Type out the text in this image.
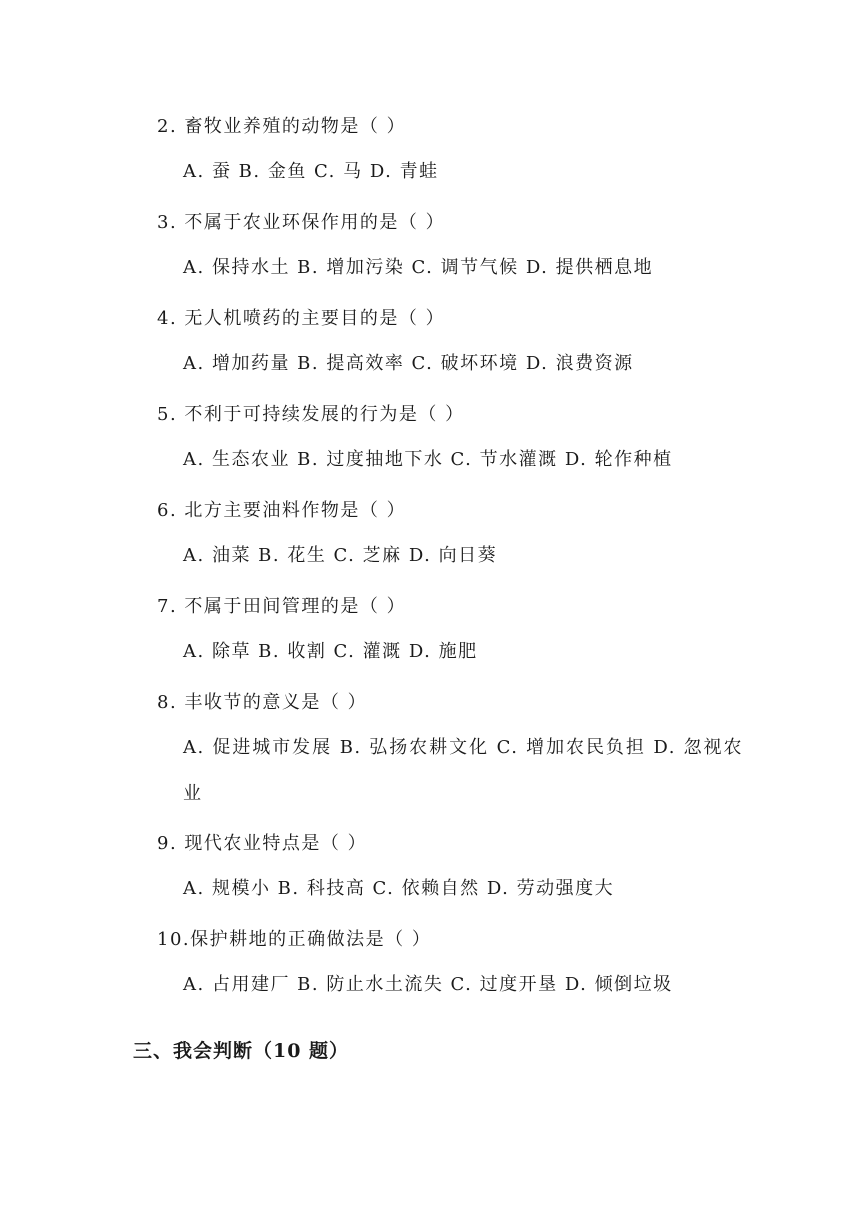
2. 畜牧业养殖的动物是（ ）
A. 蚕 B. 金鱼 C. 马 D. 青蛙
3. 不属于农业环保作用的是（ ）
A. 保持水土 B. 增加污染 C. 调节气候 D. 提供栖息地
4. 无人机喷药的主要目的是（ ）
A. 增加药量 B. 提高效率 C. 破坏环境 D. 浪费资源
5. 不利于可持续发展的行为是（ ）
A. 生态农业 B. 过度抽地下水 C. 节水灌溉 D. 轮作种植
6. 北方主要油料作物是（ ）
A. 油菜 B. 花生 C. 芝麻 D. 向日葵
7. 不属于田间管理的是（ ）
A. 除草 B. 收割 C. 灌溉 D. 施肥
8. 丰收节的意义是（ ）
A. 促进城市发展 B. 弘扬农耕文化 C. 增加农民负担 D. 忽视农业
9. 现代农业特点是（ ）
A. 规模小 B. 科技高 C. 依赖自然 D. 劳动强度大
10.保护耕地的正确做法是（ ）
A. 占用建厂 B. 防止水土流失 C. 过度开垦 D. 倾倒垃圾
三、我会判断（10 题）
